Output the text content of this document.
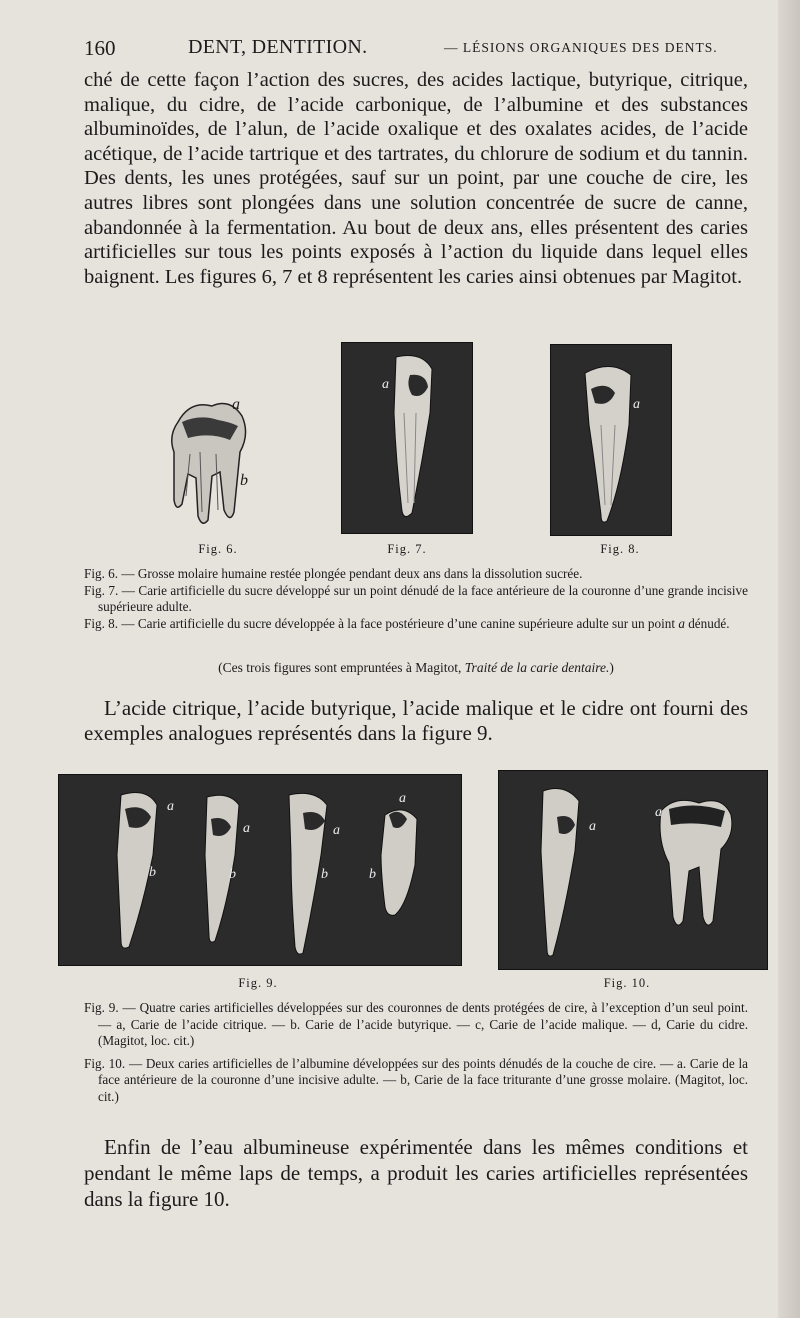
160	DENT, DENTITION.	— LÉSIONS ORGANIQUES DES DENTS.

ché de cette façon l’action des sucres, des acides lactique, butyrique, citrique, malique, du cidre, de l’acide carbonique, de l’albumine et des substances albuminoïdes, de l’alun, de l’acide oxalique et des oxalates acides, de l’acide acétique, de l’acide tartrique et des tartrates, du chlorure de sodium et du tannin. Des dents, les unes protégées, sauf sur un point, par une couche de cire, les autres libres sont plongées dans une solution concentrée de sucre de canne, abandonnée à la fermentation. Au bout de deux ans, elles présentent des caries artificielles sur tous les points exposés à l’action du liquide dans lequel elles baignent. Les figures 6, 7 et 8 représentent les caries ainsi obtenues par Magitot.

a
b
a
a
Fig. 6.	Fig. 7.	Fig. 8.
Fig. 6. — Grosse molaire humaine restée plongée pendant deux ans dans la dissolution sucrée.
Fig. 7. — Carie artificielle du sucre développé sur un point dénudé de la face antérieure de la couronne d’une grande incisive supérieure adulte.
Fig. 8. — Carie artificielle du sucre développée à la face postérieure d’une canine supérieure adulte sur un point a dénudé.
(Ces trois figures sont empruntées à Magitot, Traité de la carie dentaire.)

L’acide citrique, l’acide butyrique, l’acide malique et le cidre ont fourni des exemples analogues représentés dans la figure 9.

a
b
a
b
a
b
a
b
a
a
Fig. 9.	Fig. 10.
Fig. 9. — Quatre caries artificielles développées sur des couronnes de dents protégées de cire, à l’exception d’un seul point. — a, Carie de l’acide citrique. — b. Carie de l’acide butyrique. — c, Carie de l’acide malique. — d, Carie du cidre. (Magitot, loc. cit.)
Fig. 10. — Deux caries artificielles de l’albumine développées sur des points dénudés de la couche de cire. — a. Carie de la face antérieure de la couronne d’une incisive adulte. — b, Carie de la face triturante d’une grosse molaire. (Magitot, loc. cit.)

Enfin de l’eau albumineuse expérimentée dans les mêmes conditions et pendant le même laps de temps, a produit les caries artificielles représentées dans la figure 10.
